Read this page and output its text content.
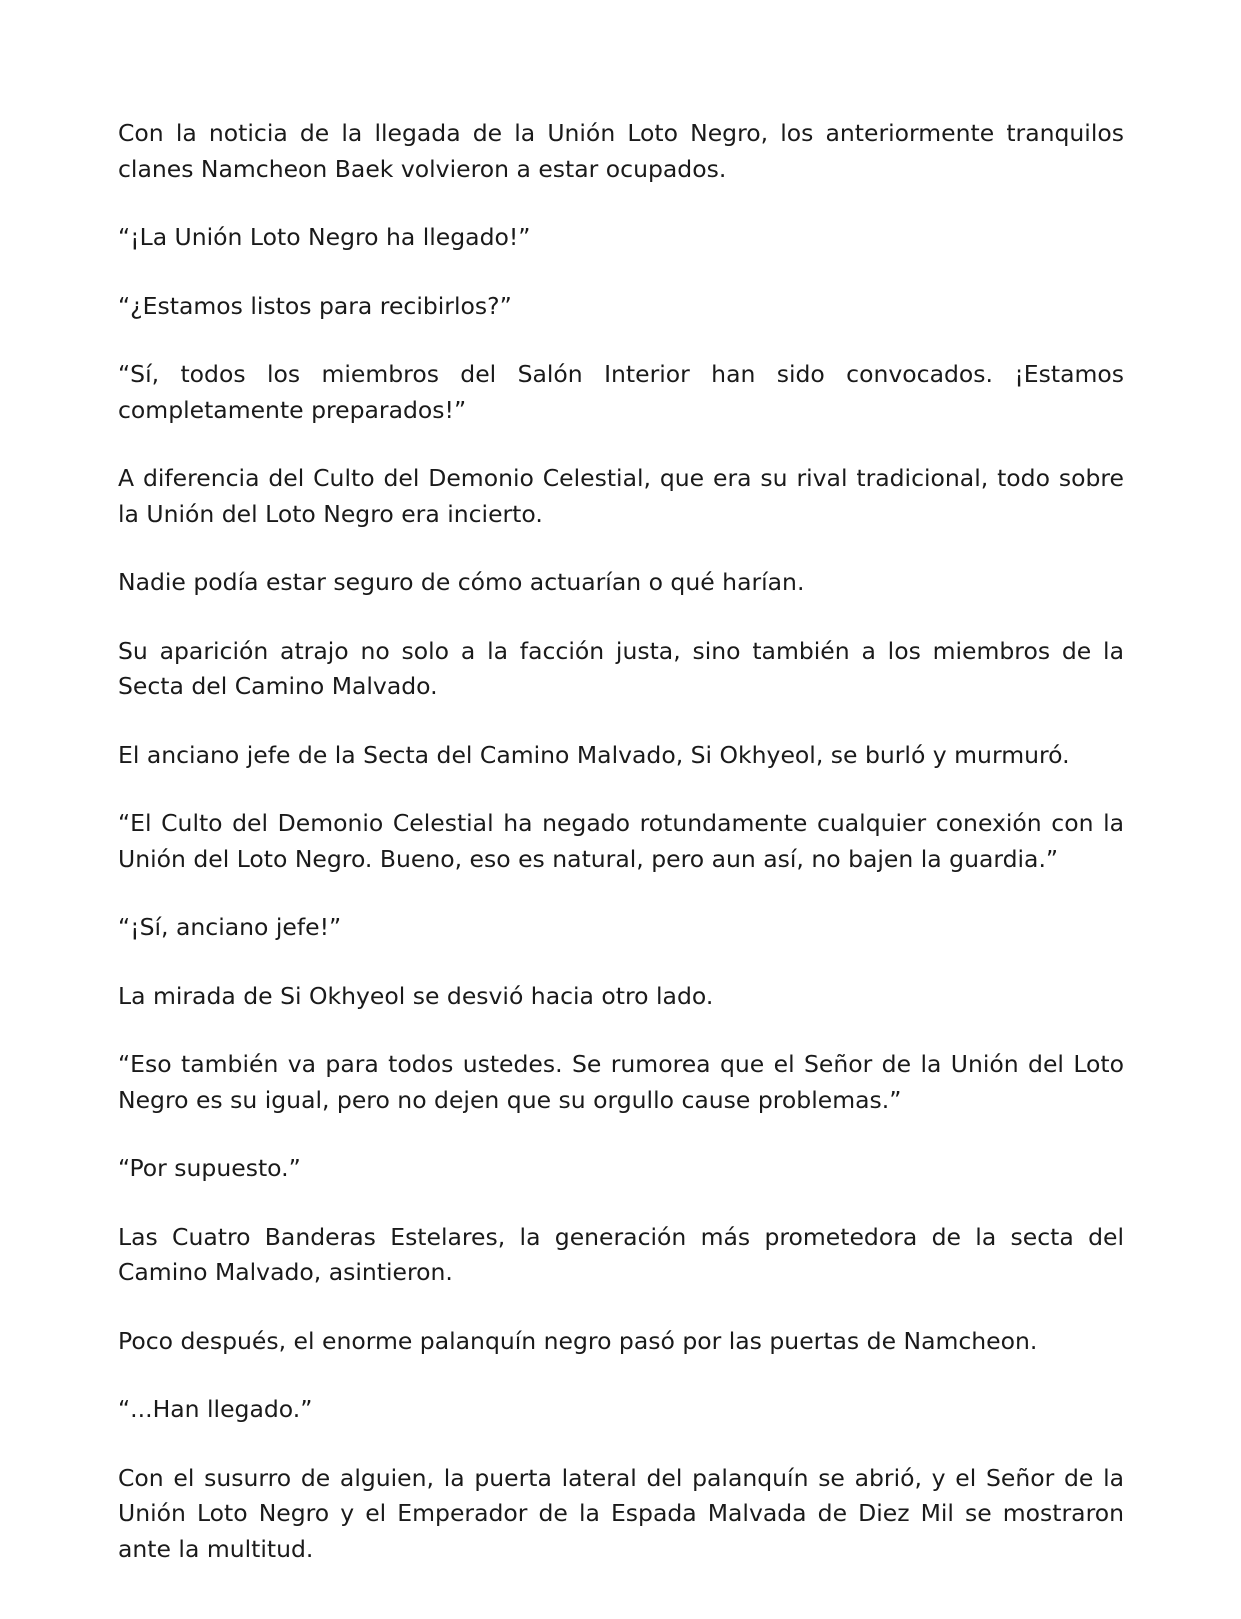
Con la noticia de la llegada de la Unión Loto Negro, los anteriormente tranquilos clanes Namcheon Baek volvieron a estar ocupados.

“¡La Unión Loto Negro ha llegado!”

“¿Estamos listos para recibirlos?”

“Sí, todos los miembros del Salón Interior han sido convocados. ¡Estamos completamente preparados!”

A diferencia del Culto del Demonio Celestial, que era su rival tradicional, todo sobre la Unión del Loto Negro era incierto.

Nadie podía estar seguro de cómo actuarían o qué harían.

Su aparición atrajo no solo a la facción justa, sino también a los miembros de la Secta del Camino Malvado.

El anciano jefe de la Secta del Camino Malvado, Si Okhyeol, se burló y murmuró.

“El Culto del Demonio Celestial ha negado rotundamente cualquier conexión con la Unión del Loto Negro. Bueno, eso es natural, pero aun así, no bajen la guardia.”

“¡Sí, anciano jefe!”

La mirada de Si Okhyeol se desvió hacia otro lado.

“Eso también va para todos ustedes. Se rumorea que el Señor de la Unión del Loto Negro es su igual, pero no dejen que su orgullo cause problemas.”

“Por supuesto.”

Las Cuatro Banderas Estelares, la generación más prometedora de la secta del Camino Malvado, asintieron.

Poco después, el enorme palanquín negro pasó por las puertas de Namcheon.

“...Han llegado.”

Con el susurro de alguien, la puerta lateral del palanquín se abrió, y el Señor de la Unión Loto Negro y el Emperador de la Espada Malvada de Diez Mil se mostraron ante la multitud.
